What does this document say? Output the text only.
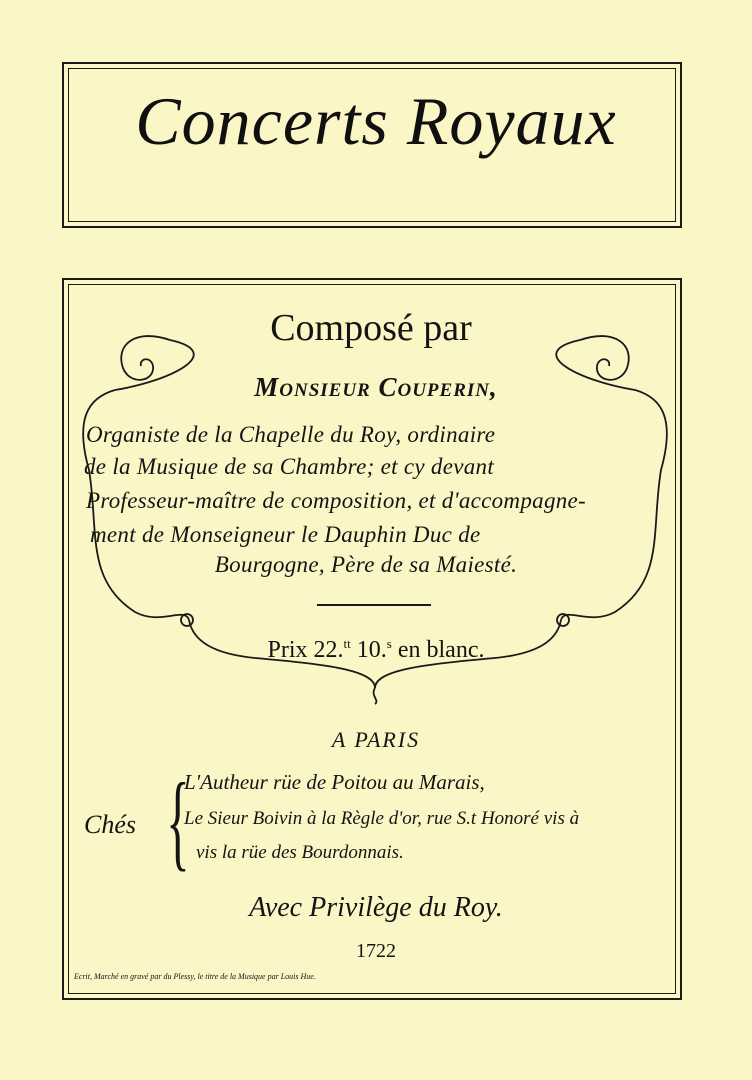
Concerts Royaux
Composé par
Monsieur Couperin,
Organiste de la Chapelle du Roy, ordinaire
de la Musique de sa Chambre; et cy devant
Professeur-maître de composition, et d'accompagne-
ment de Monseigneur le Dauphin Duc de
Bourgogne, Père de sa Maiesté.
Prix 22.$^{tt}$ 10.$^s$ en blanc.
A PARIS
Chés {
L'Autheur rüe de Poitou au Marais,
Le Sieur Boivin à la Règle d'or, rue S.t Honoré vis à
vis la rüe des Bourdonnais.
Avec Privilège du Roy.
1722
Ecrit, Marché en gravé par du Plessy, le titre de la Musique par Louis Hue.
